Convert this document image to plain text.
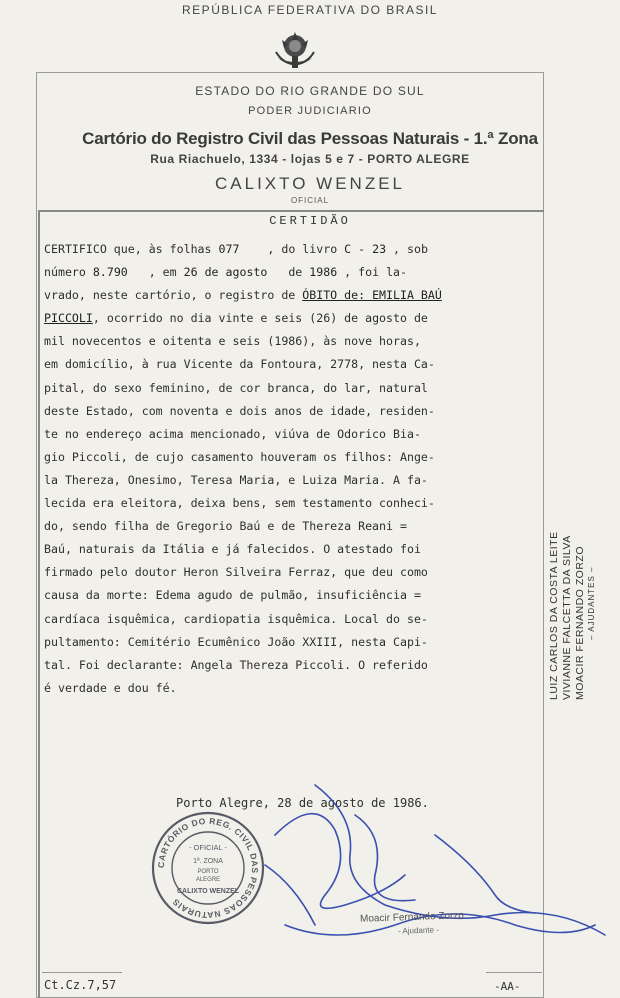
REPÚBLICA FEDERATIVA DO BRASIL
ESTADO DO RIO GRANDE DO SUL
PODER JUDICIARIO
Cartório do Registro Civil das Pessoas Naturais - 1.ª Zona
Rua Riachuelo, 1334 - lojas 5 e 7 - PORTO ALEGRE
CALIXTO WENZEL
OFICIAL
CERTIDÃO
CERTIFICO que, às folhas 077    , do livro C - 23 , sob
número 8.790   , em 26 de agosto   de 1986 , foi la-
vrado, neste cartório, o registro de ÓBITO de: EMILIA BAÚ
PICCOLI, ocorrido no dia vinte e seis (26) de agosto de
mil novecentos e oitenta e seis (1986), às nove horas,
em domicílio, à rua Vicente da Fontoura, 2778, nesta Ca-
pital, do sexo feminino, de cor branca, do lar, natural
deste Estado, com noventa e dois anos de idade, residen-
te no endereço acima mencionado, viúva de Odorico Bia-
gio Piccoli, de cujo casamento houveram os filhos: Ange-
la Thereza, Onesimo, Teresa Maria, e Luiza Maria. A fa-
lecida era eleitora, deixa bens, sem testamento conheci-
do, sendo filha de Gregorio Baú e de Thereza Reani =
Baú, naturais da Itália e já falecidos. O atestado foi
firmado pelo doutor Heron Silveira Ferraz, que deu como
causa da morte: Edema agudo de pulmão, insuficiência =
cardíaca isquêmica, cardiopatia isquêmica. Local do se-
pultamento: Cemitério Ecumênico João XXIII, nesta Capi-
tal. Foi declarante: Angela Thereza Piccoli. O referido
é verdade e dou fé.
Porto Alegre, 28 de agosto de 1986.
LUIZ CARLOS DA COSTA LEITE VIVIANNE FALCETTA DA SILVA MOACIR FERNANDO ZORZO – AJUDANTES –
CARTÓRIO DO REG. CIVIL DAS PESSOAS NATURAIS
- OFICIAL -
1ª. ZONA
PORTO
ALEGRE
CALIXTO WENZEL
Moacir Fernando Zorzo
- Ajudante -
Ct.Cz.7,57	-AA-
